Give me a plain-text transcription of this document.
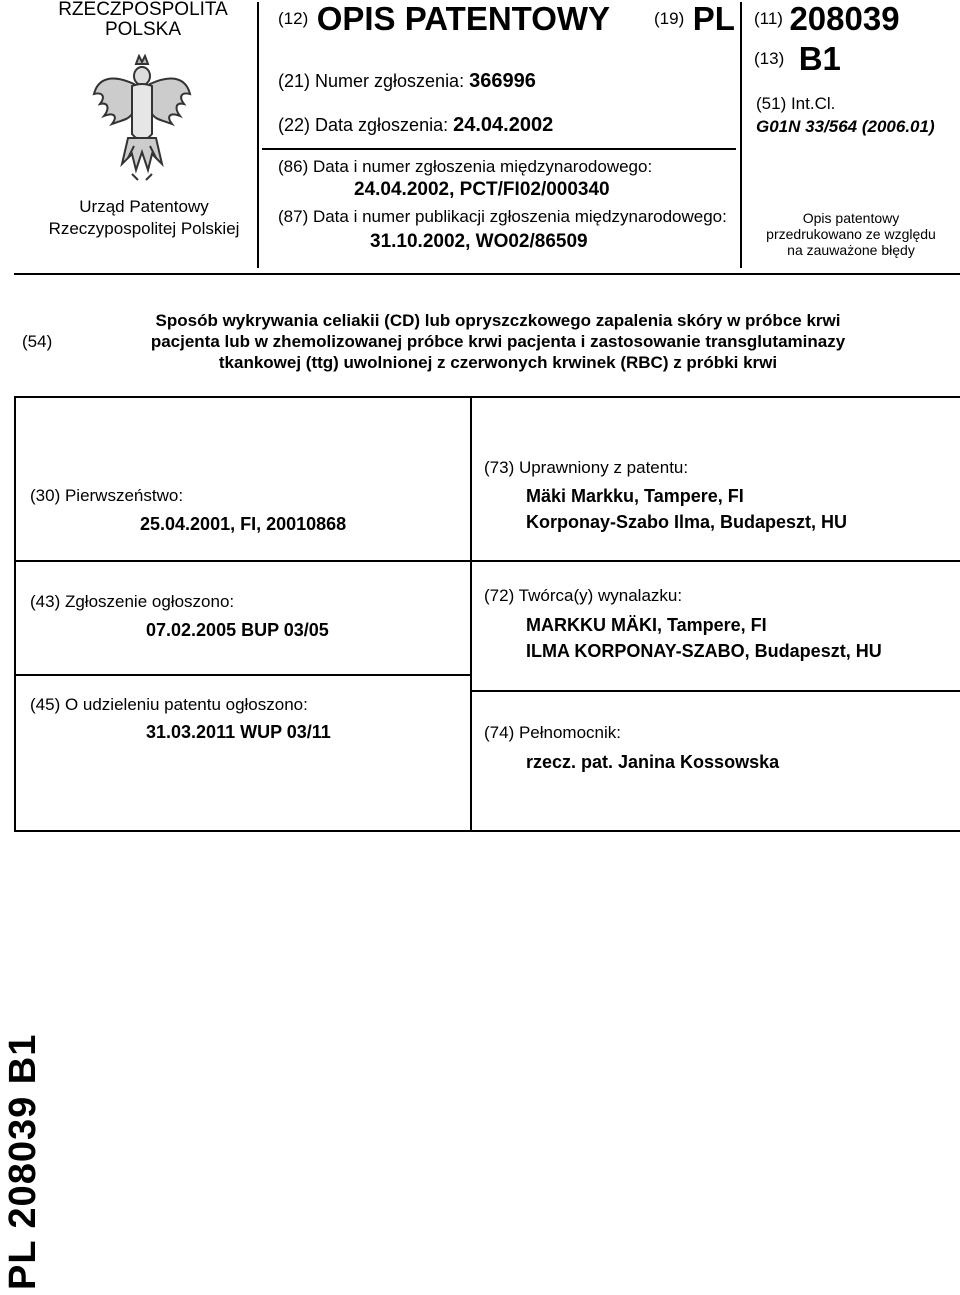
RZECZPOSPOLITA
POLSKA
Urząd Patentowy
Rzeczypospolitej Polskiej
(12) OPIS PATENTOWY	(19) PL
(21) Numer zgłoszenia: 366996
(22) Data zgłoszenia: 24.04.2002
(86) Data i numer zgłoszenia międzynarodowego:
24.04.2002, PCT/FI02/000340
(87) Data i numer publikacji zgłoszenia międzynarodowego:
31.10.2002, WO02/86509
(11) 208039
(13) B1
(51) Int.Cl.
G01N 33/564 (2006.01)
Opis patentowy
przedrukowano ze względu
na zauważone błędy
(54)
Sposób wykrywania celiakii (CD) lub opryszczkowego zapalenia skóry w próbce krwi
pacjenta lub w zhemolizowanej próbce krwi pacjenta i zastosowanie transglutaminazy
tkankowej (ttg) uwolnionej z czerwonych krwinek (RBC) z próbki krwi
(30) Pierwszeństwo:
25.04.2001, FI, 20010868
(43) Zgłoszenie ogłoszono:
07.02.2005 BUP 03/05
(45) O udzieleniu patentu ogłoszono:
31.03.2011 WUP 03/11
(73) Uprawniony z patentu:
Mäki Markku, Tampere, FI
Korponay-Szabo Ilma, Budapeszt, HU
(72) Twórca(y) wynalazku:
MARKKU MÄKI, Tampere, FI
ILMA KORPONAY-SZABO, Budapeszt, HU
(74) Pełnomocnik:
rzecz. pat. Janina Kossowska
PL 208039 B1
